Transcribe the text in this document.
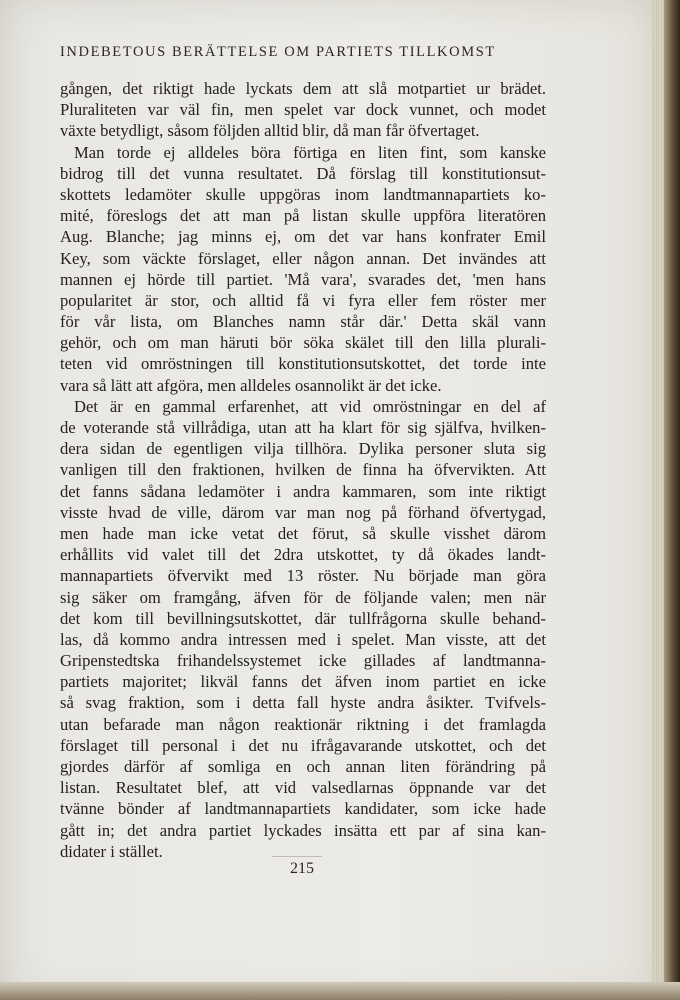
INDEBETOUS BERÄTTELSE OM PARTIETS TILLKOMST
gången, det riktigt hade lyckats dem att slå motpartiet ur brädet.
Pluraliteten var väl fin, men spelet var dock vunnet, och modet
växte betydligt, såsom följden alltid blir, då man får öfvertaget.
Man torde ej alldeles böra förtiga en liten fint, som kanske
bidrog till det vunna resultatet. Då förslag till konstitutionsut-
skottets ledamöter skulle uppgöras inom landtmannapartiets ko-
mité, föreslogs det att man på listan skulle uppföra literatören
Aug. Blanche; jag minns ej, om det var hans konfrater Emil
Key, som väckte förslaget, eller någon annan. Det invändes att
mannen ej hörde till partiet. 'Må vara', svarades det, 'men hans
popularitet är stor, och alltid få vi fyra eller fem röster mer
för vår lista, om Blanches namn står där.' Detta skäl vann
gehör, och om man häruti bör söka skälet till den lilla plurali-
teten vid omröstningen till konstitutionsutskottet, det torde inte
vara så lätt att afgöra, men alldeles osannolikt är det icke.
Det är en gammal erfarenhet, att vid omröstningar en del af
de voterande stå villrådiga, utan att ha klart för sig själfva, hvilken-
dera sidan de egentligen vilja tillhöra. Dylika personer sluta sig
vanligen till den fraktionen, hvilken de finna ha öfvervikten. Att
det fanns sådana ledamöter i andra kammaren, som inte riktigt
visste hvad de ville, därom var man nog på förhand öfvertygad,
men hade man icke vetat det förut, så skulle visshet därom
erhållits vid valet till det 2dra utskottet, ty då ökades landt-
mannapartiets öfvervikt med 13 röster. Nu började man göra
sig säker om framgång, äfven för de följande valen; men när
det kom till bevillningsutskottet, där tullfrågorna skulle behand-
las, då kommo andra intressen med i spelet. Man visste, att det
Gripenstedtska frihandelssystemet icke gillades af landtmanna-
partiets majoritet; likväl fanns det äfven inom partiet en icke
så svag fraktion, som i detta fall hyste andra åsikter. Tvifvels-
utan befarade man någon reaktionär riktning i det framlagda
förslaget till personal i det nu ifrågavarande utskottet, och det
gjordes därför af somliga en och annan liten förändring på
listan. Resultatet blef, att vid valsedlarnas öppnande var det
tvänne bönder af landtmannapartiets kandidater, som icke hade
gått in; det andra partiet lyckades insätta ett par af sina kan-
didater i stället.
215
